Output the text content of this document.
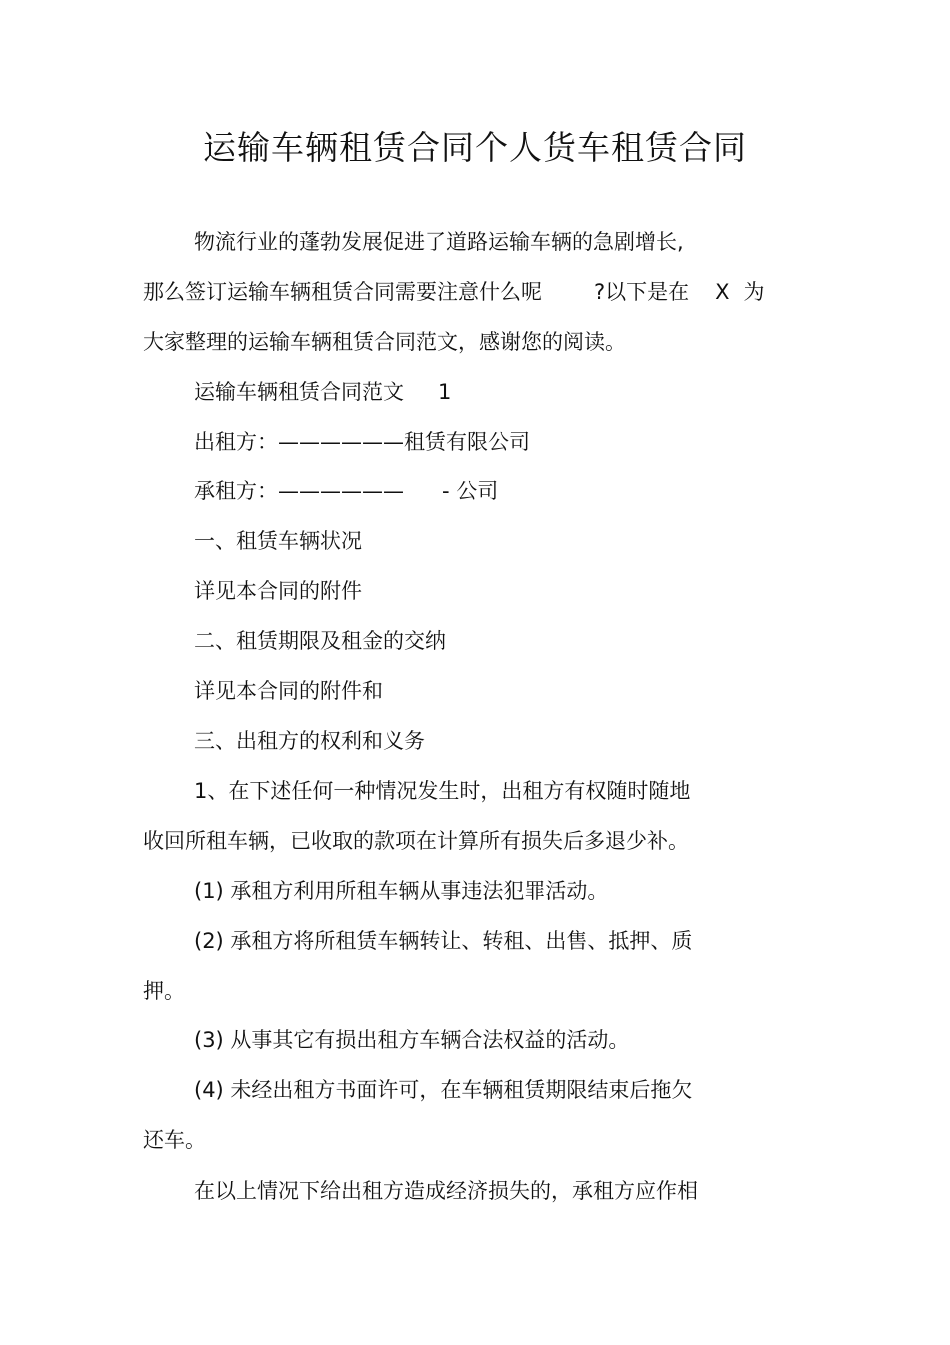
运输车辆租赁合同个人货车租赁合同
物流行业的蓬勃发展促进了道路运输车辆的急剧增长,
那么签订运输车辆租赁合同需要注意什么呢 ?以下是在 X 为
大家整理的运输车辆租赁合同范文，感谢您的阅读。
运输车辆租赁合同范文 1
出租方：——————租赁有限公司
承租方：—————— - 公司
一、租赁车辆状况
详见本合同的附件
二、租赁期限及租金的交纳
详见本合同的附件和
三、出租方的权利和义务
1、在下述任何一种情况发生时，出租方有权随时随地
收回所租车辆，已收取的款项在计算所有损失后多退少补。
(1) 承租方利用所租车辆从事违法犯罪活动。
(2) 承租方将所租赁车辆转让、转租、出售、抵押、质
押。
(3) 从事其它有损出租方车辆合法权益的活动。
(4) 未经出租方书面许可，在车辆租赁期限结束后拖欠
还车。
在以上情况下给出租方造成经济损失的，承租方应作相
